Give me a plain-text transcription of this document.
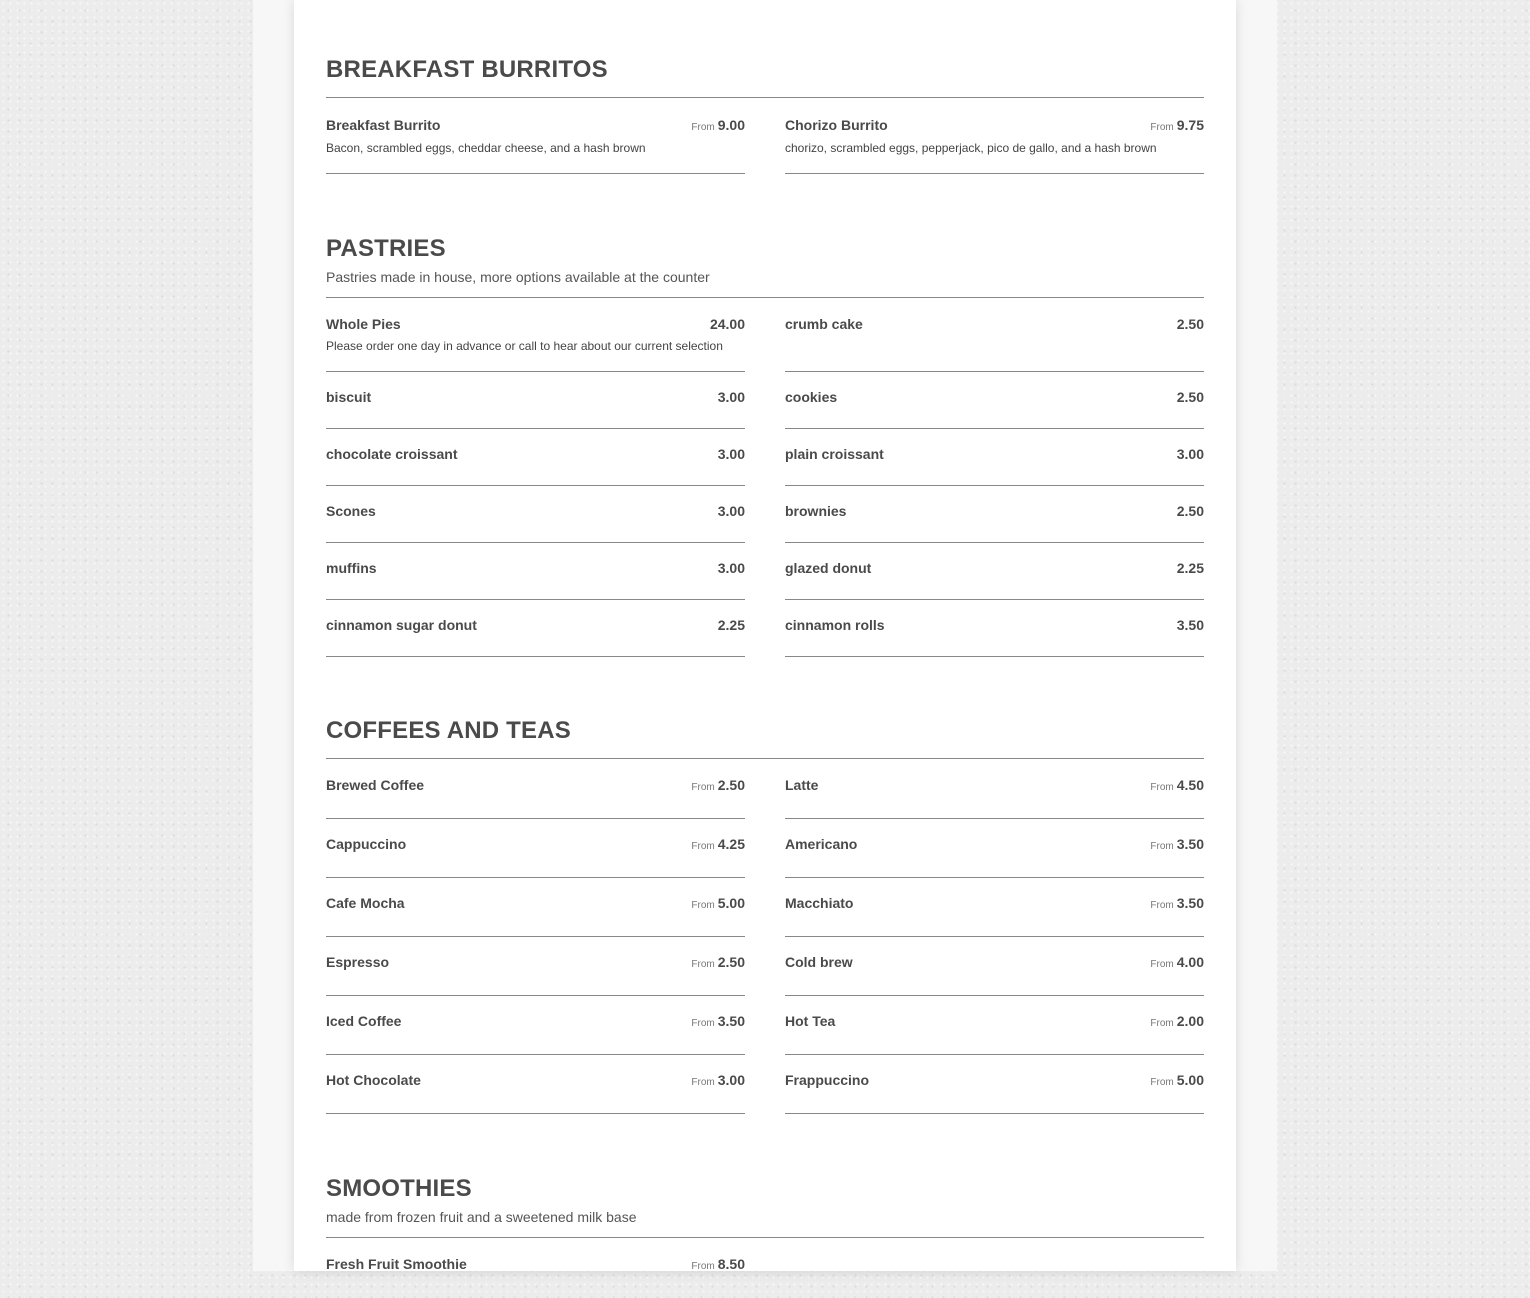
BREAKFAST BURRITOS
Breakfast Burrito	From 9.00
Bacon, scrambled eggs, cheddar cheese, and a hash brown
Chorizo Burrito	From 9.75
chorizo, scrambled eggs, pepperjack, pico de gallo, and a hash brown
PASTRIES
Pastries made in house, more options available at the counter
Whole Pies	24.00
Please order one day in advance or call to hear about our current selection
crumb cake	2.50
biscuit	3.00	cookies	2.50
chocolate croissant	3.00	plain croissant	3.00
Scones	3.00	brownies	2.50
muffins	3.00	glazed donut	2.25
cinnamon sugar donut	2.25	cinnamon rolls	3.50
COFFEES AND TEAS
Brewed Coffee	From 2.50	Latte	From 4.50
Cappuccino	From 4.25	Americano	From 3.50
Cafe Mocha	From 5.00	Macchiato	From 3.50
Espresso	From 2.50	Cold brew	From 4.00
Iced Coffee	From 3.50	Hot Tea	From 2.00
Hot Chocolate	From 3.00	Frappuccino	From 5.00
SMOOTHIES
made from frozen fruit and a sweetened milk base
Fresh Fruit Smoothie	From 8.50
